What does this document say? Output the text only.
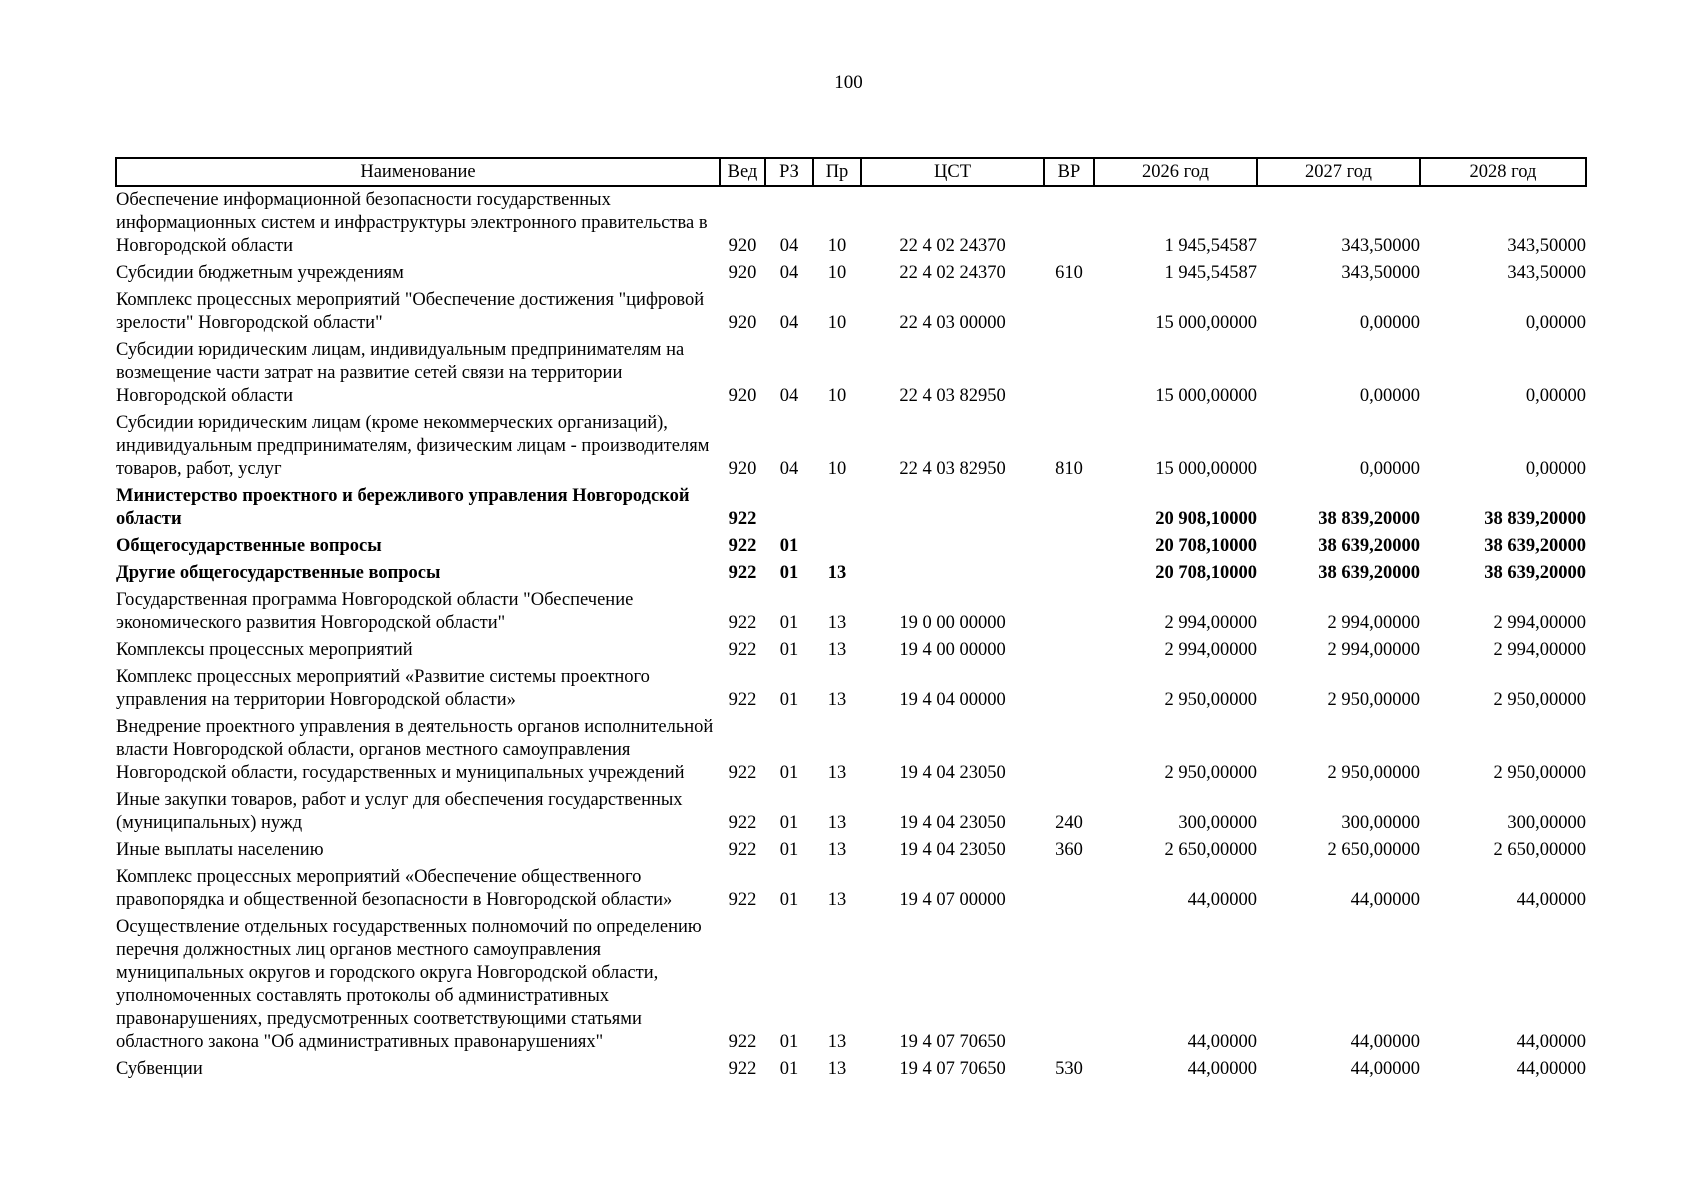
100
Наименование	Вед	РЗ	Пр	ЦСТ	ВР	2026 год	2027 год	2028 год
Обеспечение информационной безопасности государственных информационных систем и инфраструктуры электронного правительства в Новгородской области	920	04	10	22 4 02 24370		1 945,54587	343,50000	343,50000
Субсидии бюджетным учреждениям	920	04	10	22 4 02 24370	610	1 945,54587	343,50000	343,50000
Комплекс процессных мероприятий "Обеспечение достижения "цифровой зрелости" Новгородской области"	920	04	10	22 4 03 00000		15 000,00000	0,00000	0,00000
Субсидии юридическим лицам, индивидуальным предпринимателям на возмещение части затрат на развитие сетей связи на территории Новгородской области	920	04	10	22 4 03 82950		15 000,00000	0,00000	0,00000
Субсидии юридическим лицам (кроме некоммерческих организаций), индивидуальным предпринимателям, физическим лицам - производителям товаров, работ, услуг	920	04	10	22 4 03 82950	810	15 000,00000	0,00000	0,00000
Министерство проектного и бережливого управления Новгородской области	922					20 908,10000	38 839,20000	38 839,20000
Общегосударственные вопросы	922	01				20 708,10000	38 639,20000	38 639,20000
Другие общегосударственные вопросы	922	01	13			20 708,10000	38 639,20000	38 639,20000
Государственная программа Новгородской области "Обеспечение экономического развития Новгородской области"	922	01	13	19 0 00 00000		2 994,00000	2 994,00000	2 994,00000
Комплексы процессных мероприятий	922	01	13	19 4 00 00000		2 994,00000	2 994,00000	2 994,00000
Комплекс процессных мероприятий «Развитие системы проектного управления на территории Новгородской области»	922	01	13	19 4 04 00000		2 950,00000	2 950,00000	2 950,00000
Внедрение проектного управления в деятельность органов исполнительной власти Новгородской области, органов местного самоуправления Новгородской области, государственных и муниципальных учреждений	922	01	13	19 4 04 23050		2 950,00000	2 950,00000	2 950,00000
Иные закупки товаров, работ и услуг для обеспечения государственных (муниципальных) нужд	922	01	13	19 4 04 23050	240	300,00000	300,00000	300,00000
Иные выплаты населению	922	01	13	19 4 04 23050	360	2 650,00000	2 650,00000	2 650,00000
Комплекс процессных мероприятий «Обеспечение общественного правопорядка и общественной безопасности в Новгородской области»	922	01	13	19 4 07 00000		44,00000	44,00000	44,00000
Осуществление отдельных государственных полномочий по определению перечня должностных лиц органов местного самоуправления муниципальных округов и городского округа Новгородской области, уполномоченных составлять протоколы об административных правонарушениях, предусмотренных соответствующими статьями областного закона "Об административных правонарушениях"	922	01	13	19 4 07 70650		44,00000	44,00000	44,00000
Субвенции	922	01	13	19 4 07 70650	530	44,00000	44,00000	44,00000
